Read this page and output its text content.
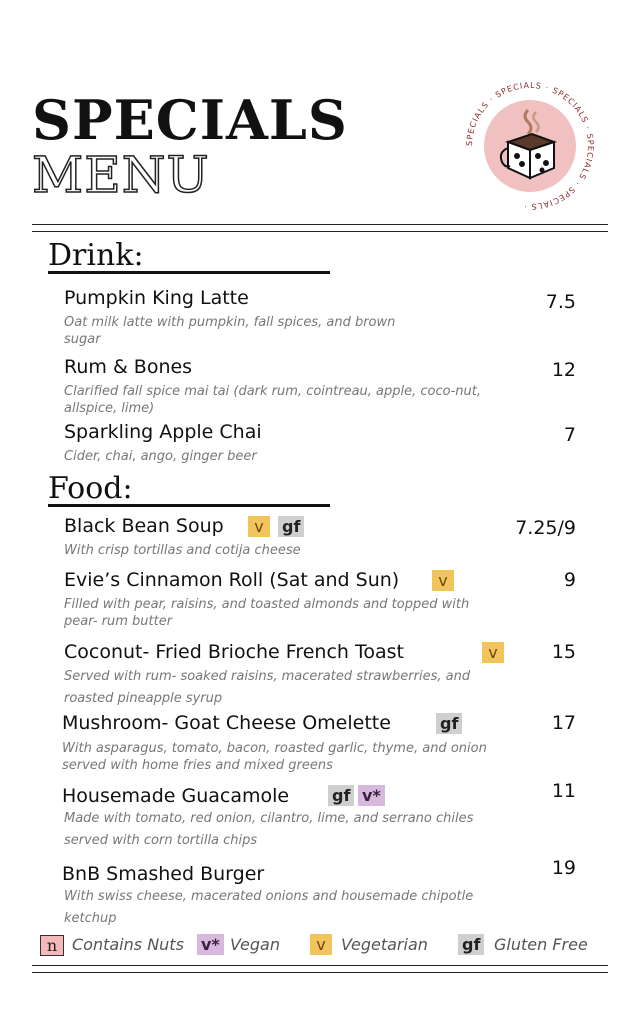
SPECIALS
MENU
SPECIALS · SPECIALS · SPECIALS · SPECIALS · SPECIALS ·
Drink:
Pumpkin King Latte	7.5
Oat milk latte with pumpkin, fall spices, and brown sugar
Rum & Bones	12
Clarified fall spice mai tai (dark rum, cointreau, apple, coco-nut, allspice, lime)
Sparkling Apple Chai	7
Cider, chai, ango, ginger beer
Food:
Black Bean Soup	v	gf	7.25/9
With crisp tortillas and cotija cheese
Evie’s Cinnamon Roll (Sat and Sun)	v	9
Filled with pear, raisins, and toasted almonds and topped with pear- rum butter
Coconut- Fried Brioche French Toast	v	15
Served with rum- soaked raisins, macerated strawberries, and roasted pineapple syrup
Mushroom- Goat Cheese Omelette	gf	17
With asparagus, tomato, bacon, roasted garlic, thyme, and onion served with home fries and mixed greens
Housemade Guacamole	gf v*	11
Made with tomato, red onion, cilantro, lime, and serrano chiles served with corn tortilla chips
BnB Smashed Burger	19
With swiss cheese, macerated onions and housemade chipotle ketchup
n Contains Nuts v* Vegan	v Vegetarian gf Gluten Free
